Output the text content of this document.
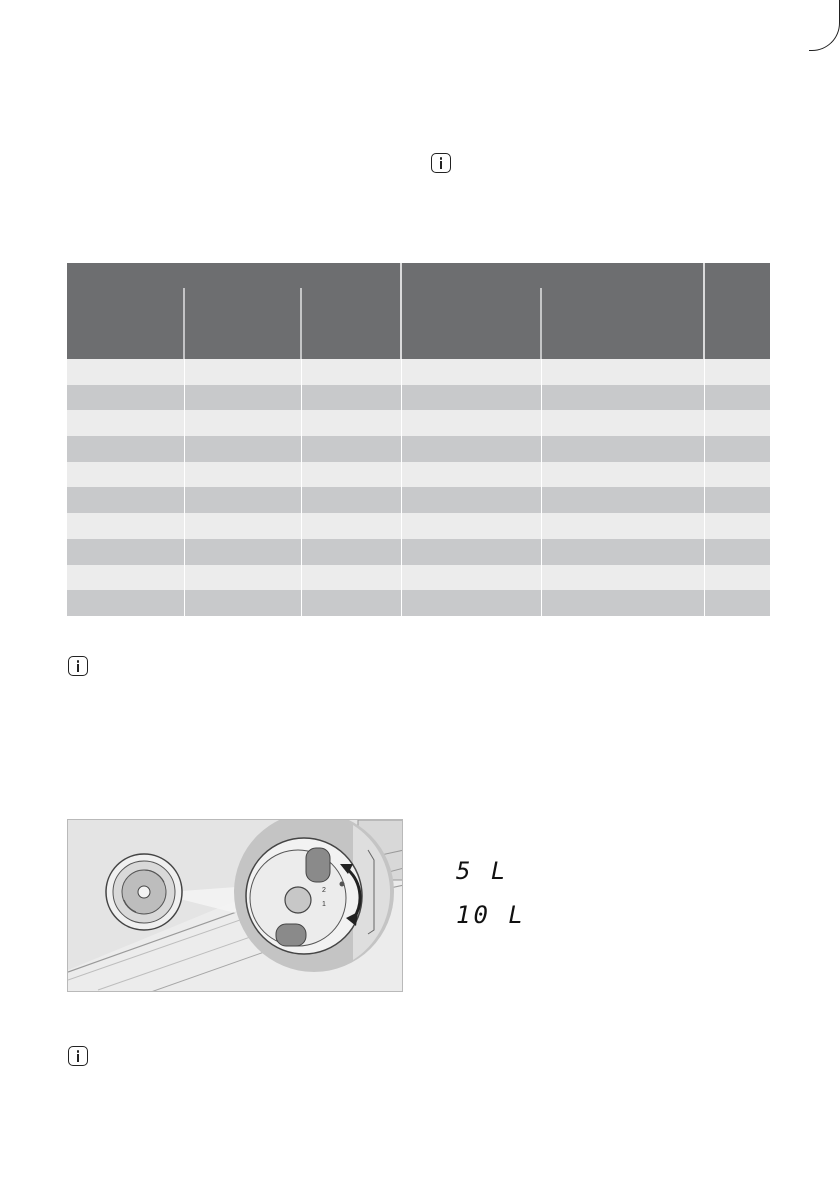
2
1
5 L
10 L
